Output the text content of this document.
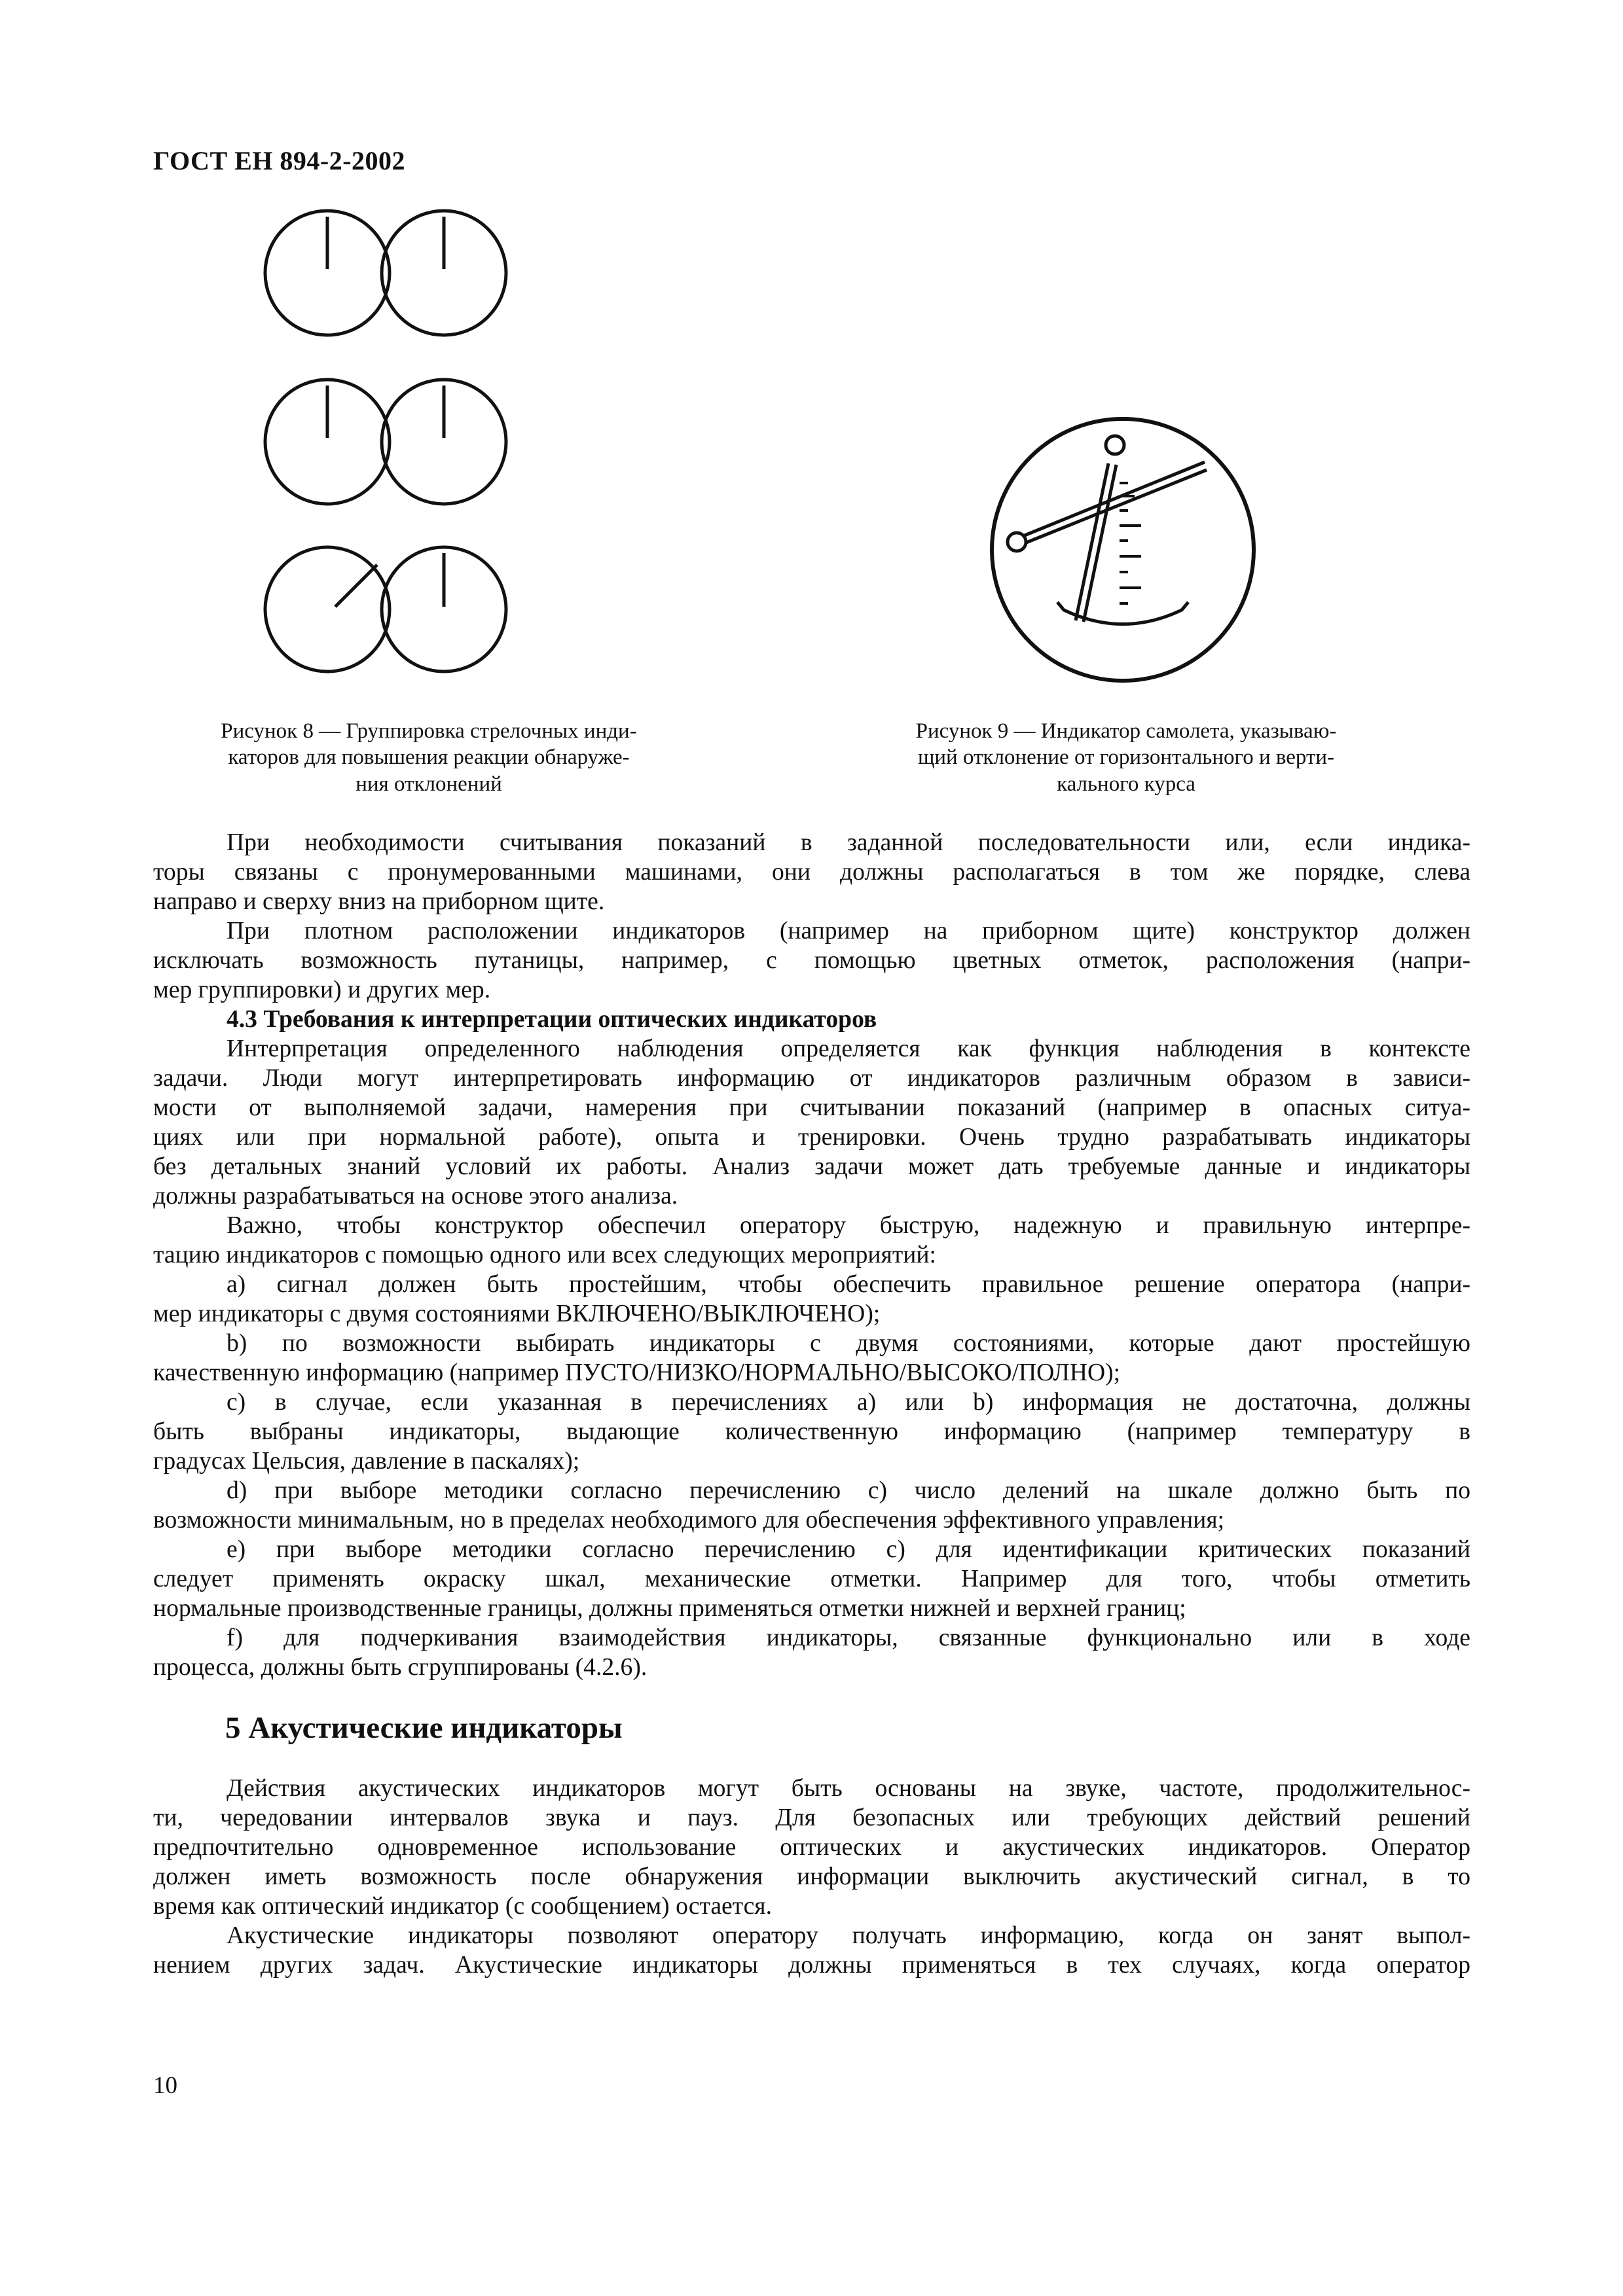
ГОСТ ЕН 894-2-2002
Рисунок 8 — Группировка стрелочных инди-
каторов для повышения реакции обнаруже-
ния отклонений
Рисунок 9 — Индикатор самолета, указываю-
щий отклонение от горизонтального и верти-
кального курса
При необходимости считывания показаний в заданной последовательности или, если индика-
торы связаны с пронумерованными машинами, они должны располагаться в том же порядке, слева
направо и сверху вниз на приборном щите.
При плотном расположении индикаторов (например на приборном щите) конструктор должен
исключать возможность путаницы, например, с помощью цветных отметок, расположения (напри-
мер группировки) и других мер.
4.3 Требования к интерпретации оптических индикаторов
Интерпретация определенного наблюдения определяется как функция наблюдения в контексте
задачи. Люди могут интерпретировать информацию от индикаторов различным образом в зависи-
мости от выполняемой задачи, намерения при считывании показаний (например в опасных ситуа-
циях или при нормальной работе), опыта и тренировки. Очень трудно разрабатывать индикаторы
без детальных знаний условий их работы. Анализ задачи может дать требуемые данные и индикаторы
должны разрабатываться на основе этого анализа.
Важно, чтобы конструктор обеспечил оператору быструю, надежную и правильную интерпре-
тацию индикаторов с помощью одного или всех следующих мероприятий:
а) сигнал должен быть простейшим, чтобы обеспечить правильное решение оператора (напри-
мер индикаторы с двумя состояниями ВКЛЮЧЕНО/ВЫКЛЮЧЕНО);
b) по возможности выбирать индикаторы с двумя состояниями, которые дают простейшую
качественную информацию (например ПУСТО/НИЗКО/НОРМАЛЬНО/ВЫСОКО/ПОЛНО);
с) в случае, если указанная в перечислениях а) или b) информация не достаточна, должны
быть выбраны индикаторы, выдающие количественную информацию (например температуру в
градусах Цельсия, давление в паскалях);
d) при выборе методики согласно перечислению с) число делений на шкале должно быть по
возможности минимальным, но в пределах необходимого для обеспечения эффективного управления;
е) при выборе методики согласно перечислению с) для идентификации критических показаний
следует применять окраску шкал, механические отметки. Например для того, чтобы отметить
нормальные производственные границы, должны применяться отметки нижней и верхней границ;
f) для подчеркивания взаимодействия индикаторы, связанные функционально или в ходе
процесса, должны быть сгруппированы (4.2.6).
5 Акустические индикаторы
Действия акустических индикаторов могут быть основаны на звуке, частоте, продолжительнос-
ти, чередовании интервалов звука и пауз. Для безопасных или требующих действий решений
предпочтительно одновременное использование оптических и акустических индикаторов. Оператор
должен иметь возможность после обнаружения информации выключить акустический сигнал, в то
время как оптический индикатор (с сообщением) остается.
Акустические индикаторы позволяют оператору получать информацию, когда он занят выпол-
нением других задач. Акустические индикаторы должны применяться в тех случаях, когда оператор
10
